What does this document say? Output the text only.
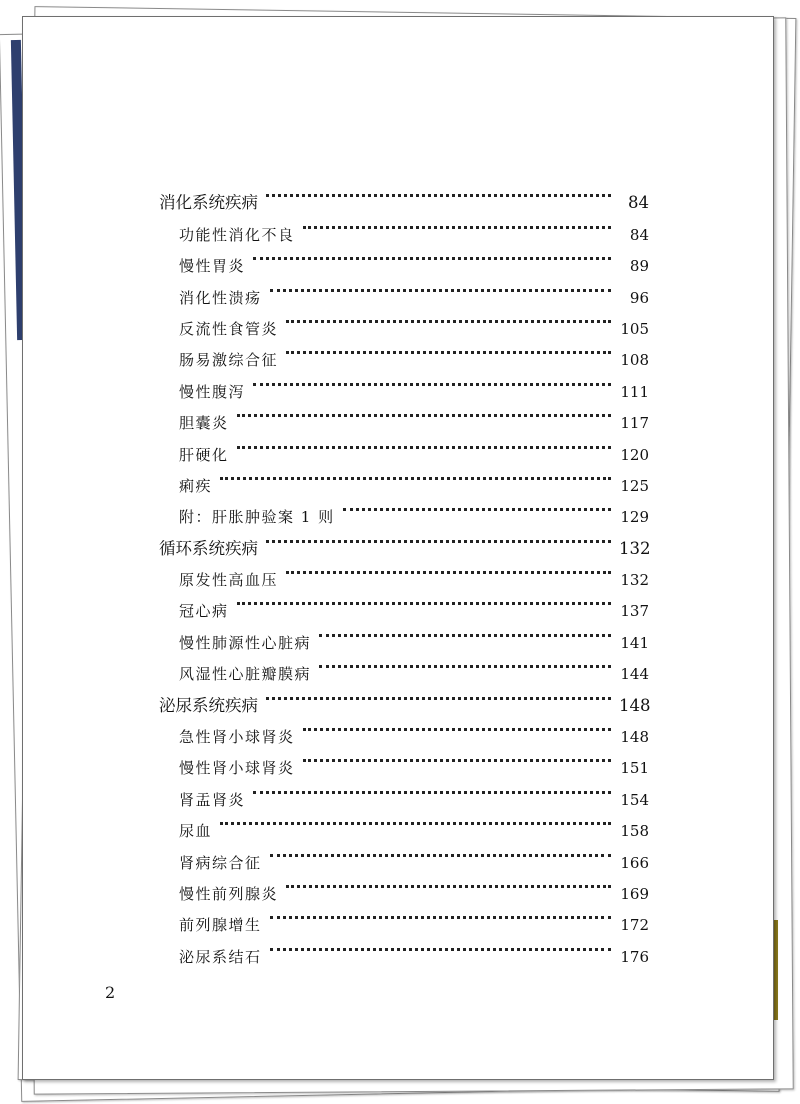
消化系统疾病	84
功能性消化不良	84
慢性胃炎	89
消化性溃疡	96
反流性食管炎	105
肠易激综合征	108
慢性腹泻	111
胆囊炎	117
肝硬化	120
痢疾	125
附：肝胀肿验案 1 则	129
循环系统疾病	132
原发性高血压	132
冠心病	137
慢性肺源性心脏病	141
风湿性心脏瓣膜病	144
泌尿系统疾病	148
急性肾小球肾炎	148
慢性肾小球肾炎	151
肾盂肾炎	154
尿血	158
肾病综合征	166
慢性前列腺炎	169
前列腺增生	172
泌尿系结石	176
2
